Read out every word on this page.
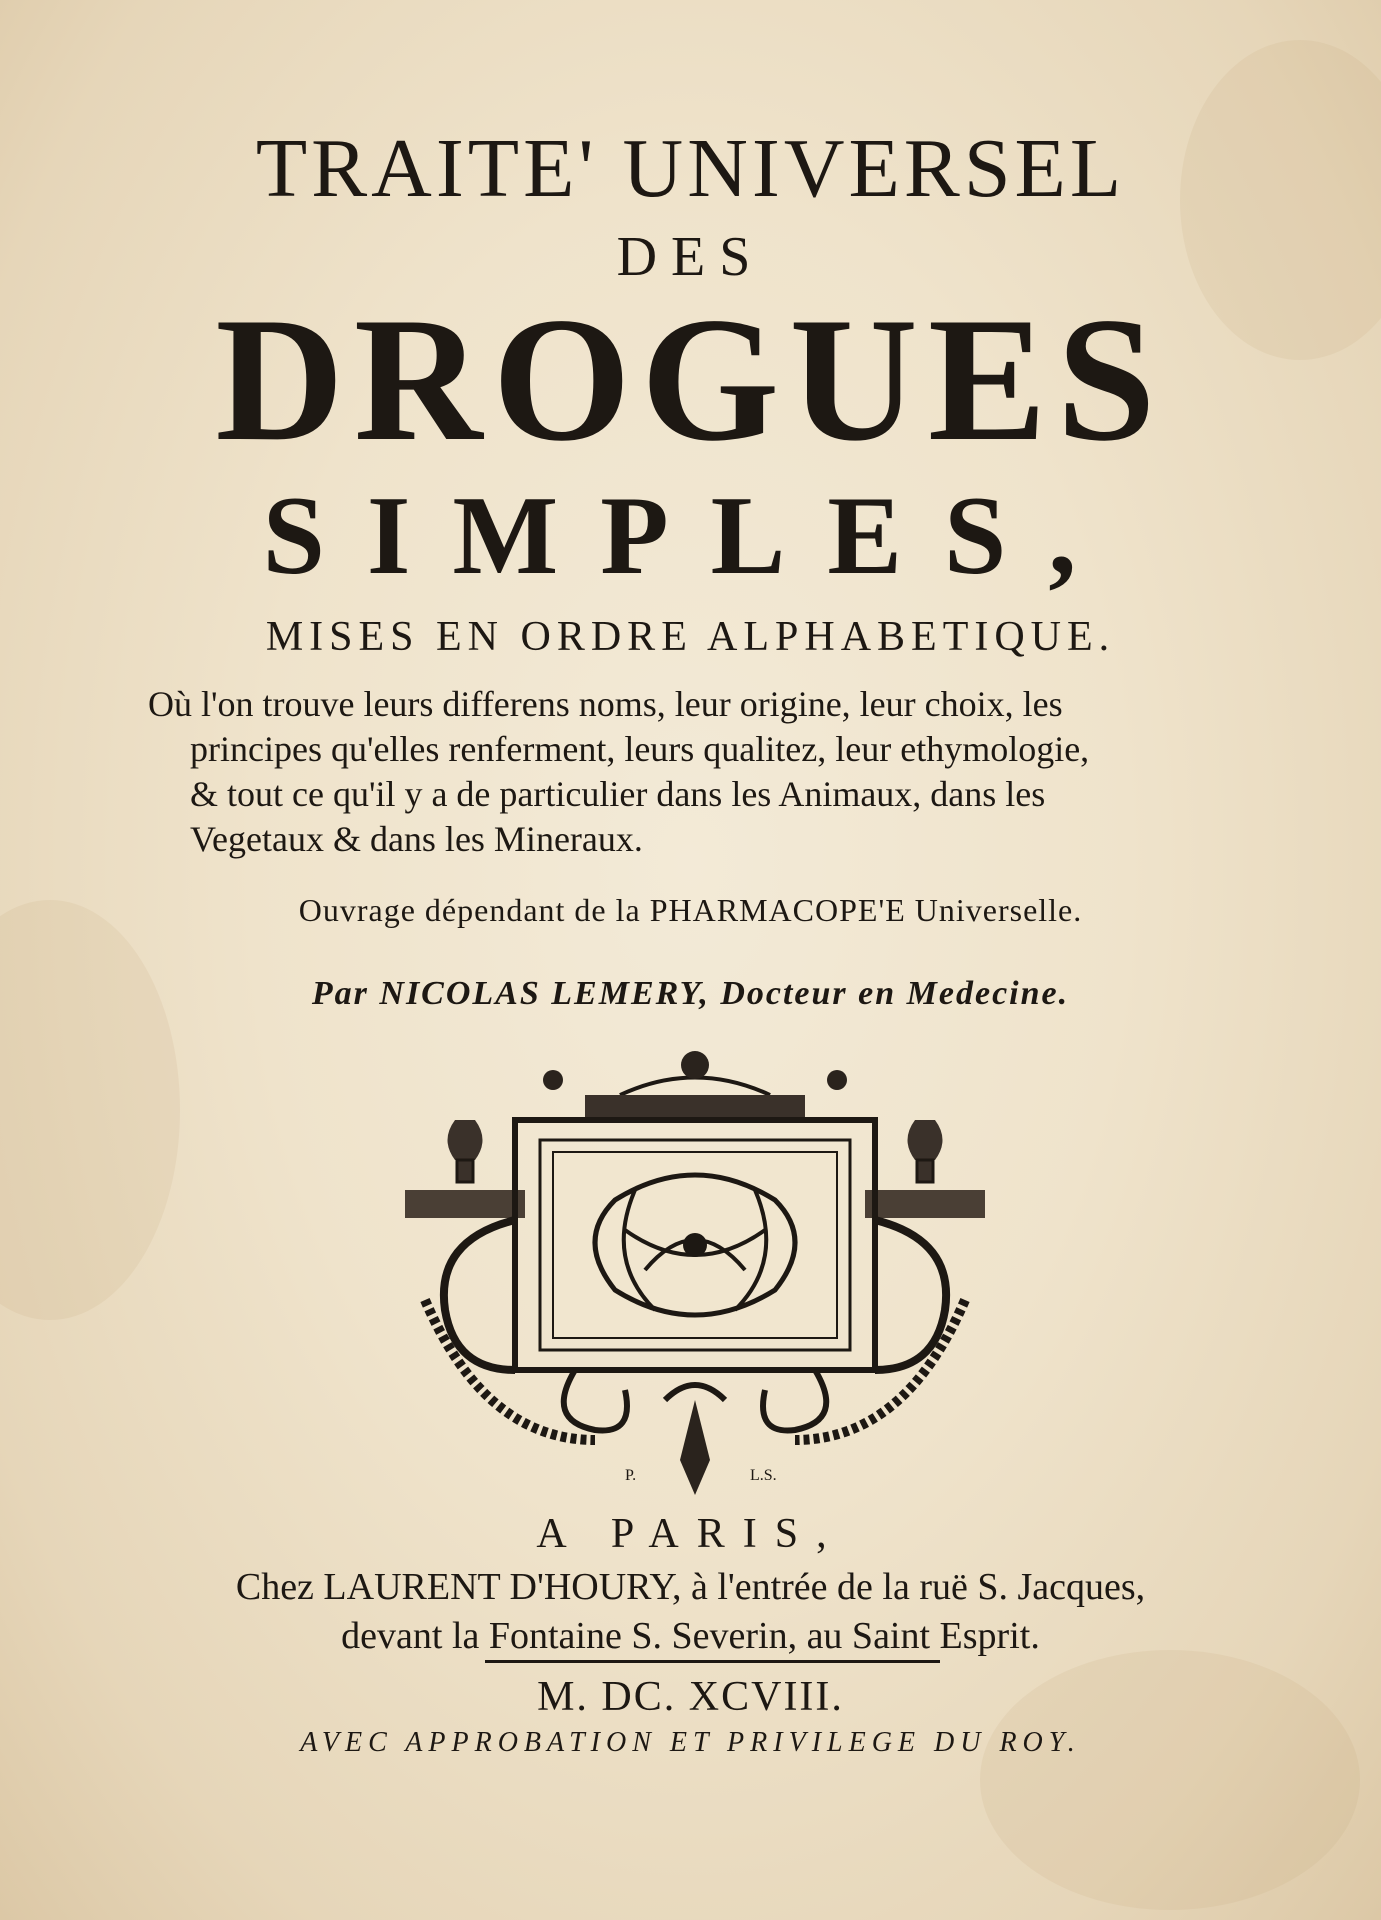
TRAITE' UNIVERSEL
DES
DROGUES
SIMPLES,
MISES EN ORDRE ALPHABETIQUE.
Où l'on trouve leurs differens noms, leur origine, leur choix, les
principes qu'elles renferment, leurs qualitez, leur ethymologie,
& tout ce qu'il y a de particulier dans les Animaux, dans les
Vegetaux & dans les Mineraux.
Ouvrage dépendant de la PHARMACOPE'E Universelle.
Par NICOLAS LEMERY, Docteur en Medecine.
P.	L.S.
A PARIS,
Chez LAURENT D'HOURY, à l'entrée de la ruë S. Jacques,
devant la Fontaine S. Severin, au Saint Esprit.
M. DC. XCVIII.
AVEC APPROBATION ET PRIVILEGE DU ROY.
